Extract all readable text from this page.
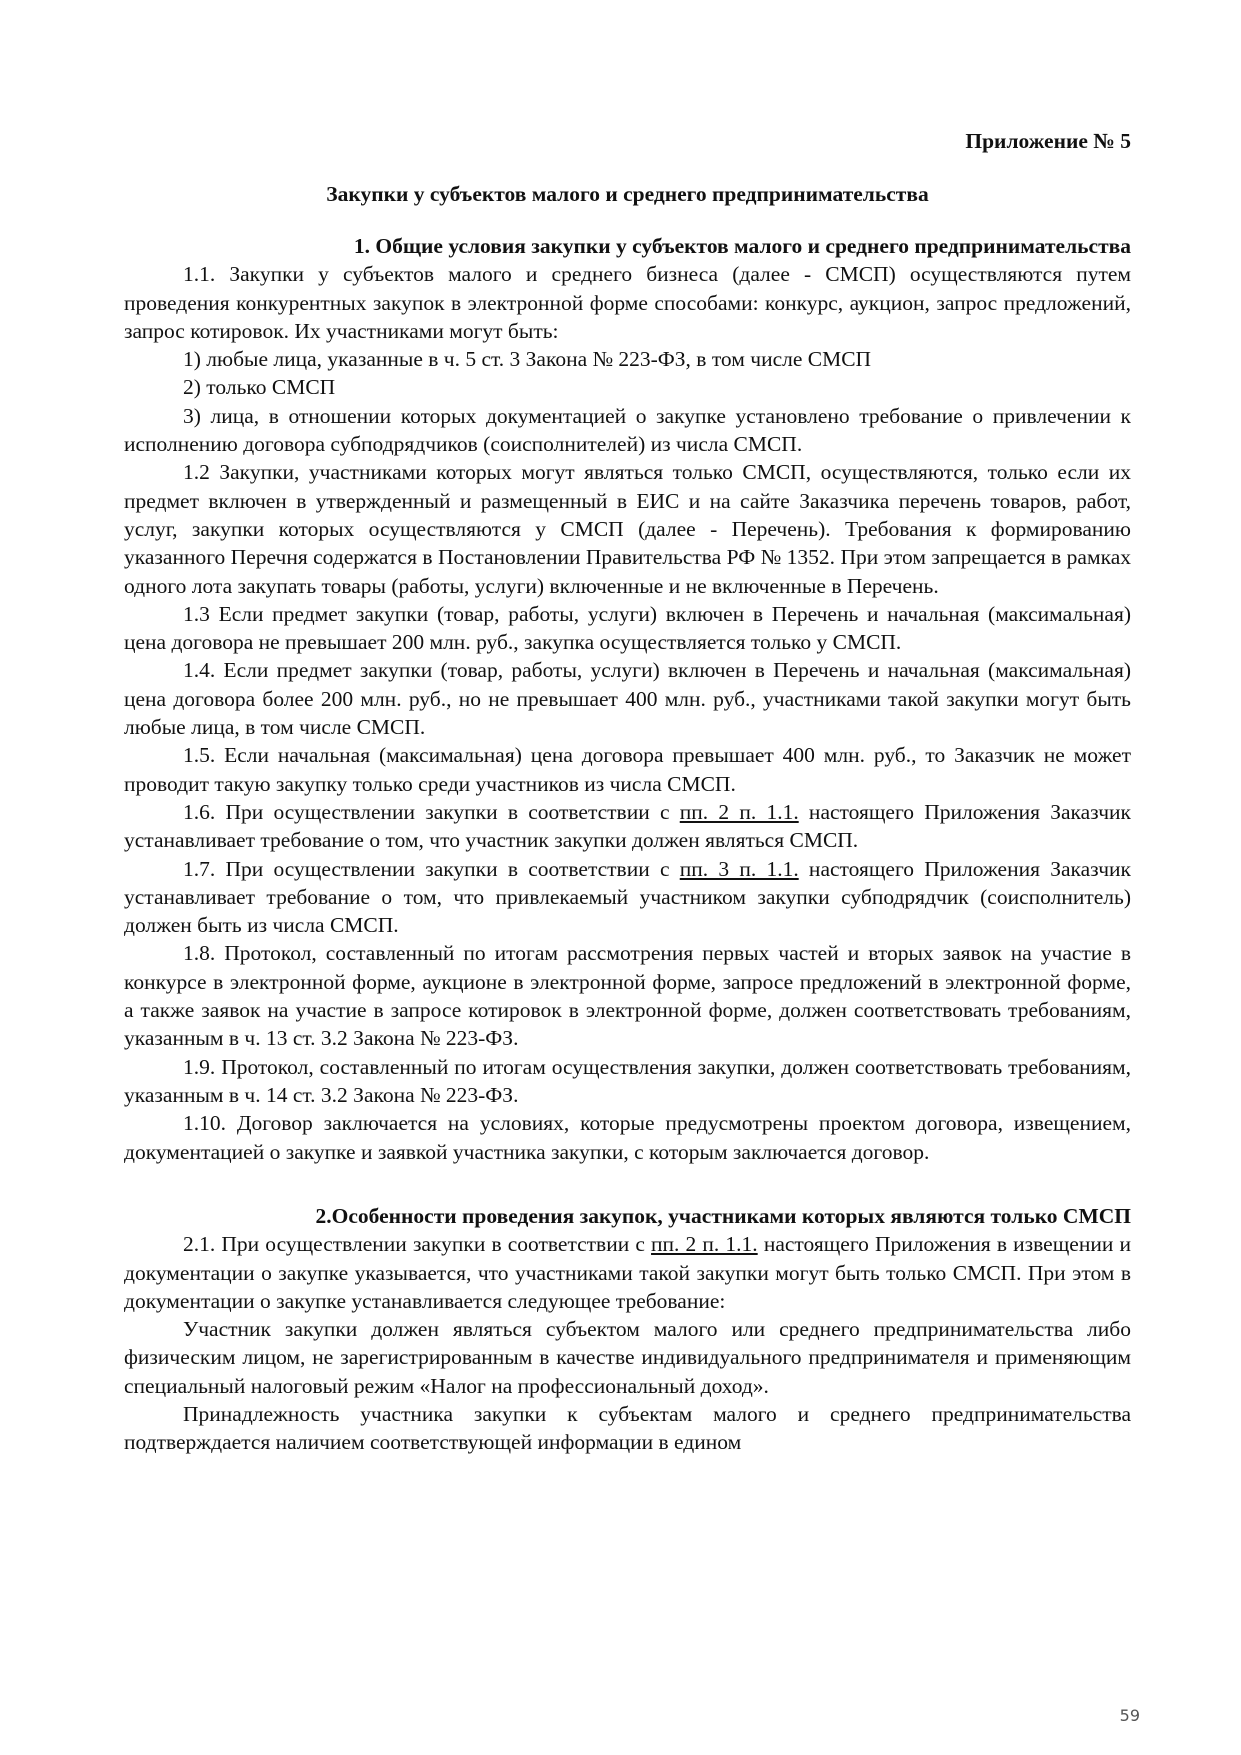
Приложение № 5
Закупки у субъектов малого и среднего предпринимательства
1. Общие условия закупки у субъектов малого и среднего предпринимательства

1.1. Закупки у субъектов малого и среднего бизнеса (далее - СМСП) осуществляются путем проведения конкурентных закупок в электронной форме способами: конкурс, аукцион, запрос предложений, запрос котировок. Их участниками могут быть:

1) любые лица, указанные в ч. 5 ст. 3 Закона № 223-ФЗ, в том числе СМСП

2) только СМСП

3) лица, в отношении которых документацией о закупке установлено требование о привлечении к исполнению договора субподрядчиков (соисполнителей) из числа СМСП.

1.2 Закупки, участниками которых могут являться только СМСП, осуществляются, только если их предмет включен в утвержденный и размещенный в ЕИС и на сайте Заказчика перечень товаров, работ, услуг, закупки которых осуществляются у СМСП (далее - Перечень). Требования к формированию указанного Перечня содержатся в Постановлении Правительства РФ № 1352. При этом запрещается в рамках одного лота закупать товары (работы, услуги) включенные и не включенные в Перечень.

1.3 Если предмет закупки (товар, работы, услуги) включен в Перечень и начальная (максимальная) цена договора не превышает 200 млн. руб., закупка осуществляется только у СМСП.

1.4. Если предмет закупки (товар, работы, услуги) включен в Перечень и начальная (максимальная) цена договора более 200 млн. руб., но не превышает 400 млн. руб., участниками такой закупки могут быть любые лица, в том числе СМСП.

1.5. Если начальная (максимальная) цена договора превышает 400 млн. руб., то Заказчик не может проводит такую закупку только среди участников из числа СМСП.

1.6. При осуществлении закупки в соответствии с пп. 2 п. 1.1. настоящего Приложения Заказчик устанавливает требование о том, что участник закупки должен являться СМСП.

1.7. При осуществлении закупки в соответствии с пп. 3 п. 1.1. настоящего Приложения Заказчик устанавливает требование о том, что привлекаемый участником закупки субподрядчик (соисполнитель) должен быть из числа СМСП.

1.8. Протокол, составленный по итогам рассмотрения первых частей и вторых заявок на участие в конкурсе в электронной форме, аукционе в электронной форме, запросе предложений в электронной форме, а также заявок на участие в запросе котировок в электронной форме, должен соответствовать требованиям, указанным в ч. 13 ст. 3.2 Закона № 223-ФЗ.

1.9. Протокол, составленный по итогам осуществления закупки, должен соответствовать требованиям, указанным в ч. 14 ст. 3.2 Закона № 223-ФЗ.

1.10. Договор заключается на условиях, которые предусмотрены проектом договора, извещением, документацией о закупке и заявкой участника закупки, с которым заключается договор.

2.Особенности проведения закупок, участниками которых являются только СМСП

2.1. При осуществлении закупки в соответствии с пп. 2 п. 1.1. настоящего Приложения в извещении и документации о закупке указывается, что участниками такой закупки могут быть только СМСП. При этом в документации о закупке устанавливается следующее требование:

Участник закупки должен являться субъектом малого или среднего предпринимательства либо физическим лицом, не зарегистрированным в качестве индивидуального предпринимателя и применяющим специальный налоговый режим «Налог на профессиональный доход».

Принадлежность участника закупки к субъектам малого и среднего предпринимательства подтверждается наличием соответствующей информации в едином

59
